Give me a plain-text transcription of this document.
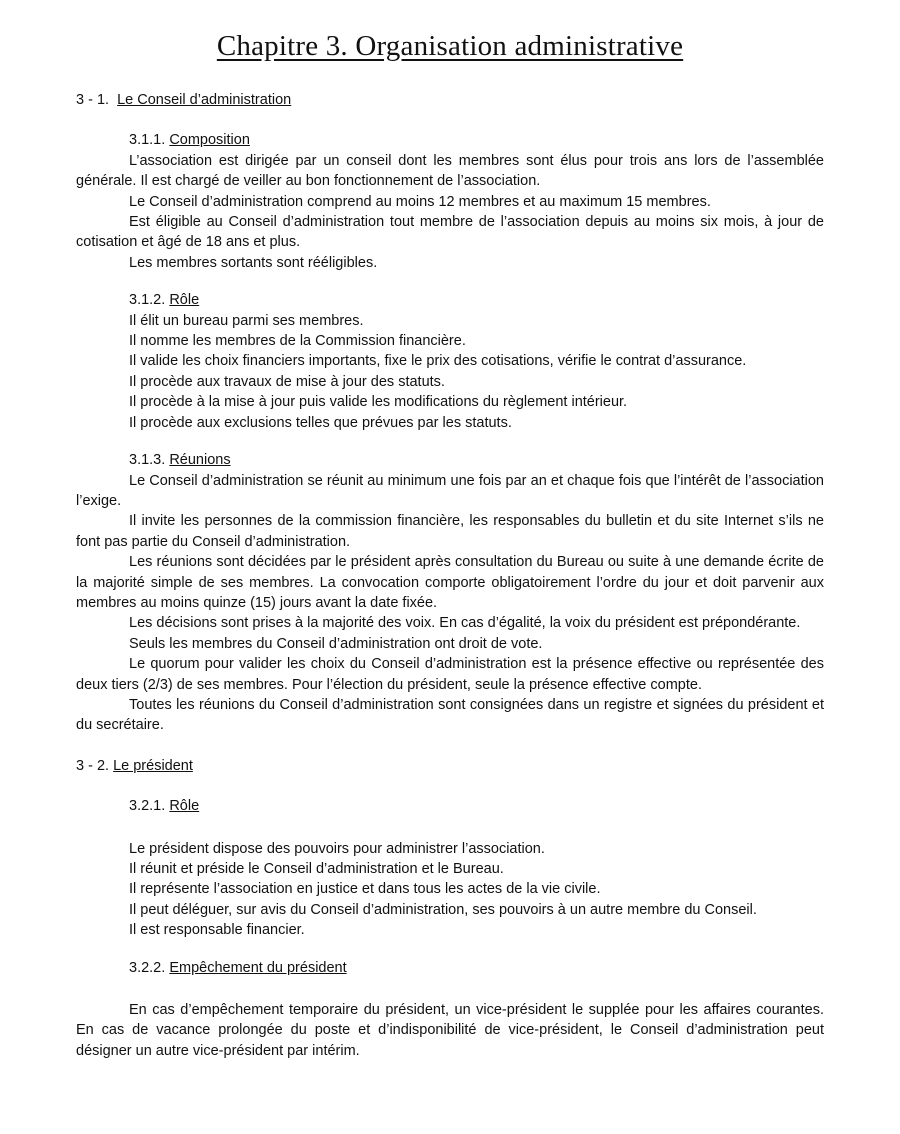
Chapitre 3. Organisation administrative
3 - 1. Le Conseil d’administration
3.1.1. Composition
L’association est dirigée par un conseil dont les membres sont élus pour trois ans lors de l’assemblée générale. Il est chargé de veiller au bon fonctionnement de l’association.
Le Conseil d’administration comprend au moins 12 membres et au maximum 15 membres.
Est éligible au Conseil d’administration tout membre de l’association depuis au moins six mois, à jour de cotisation et âgé de 18 ans et plus.
Les membres sortants sont rééligibles.
3.1.2. Rôle
Il élit un bureau parmi ses membres.
Il nomme les membres de la Commission financière.
Il valide les choix financiers importants, fixe le prix des cotisations, vérifie le contrat d’assurance.
Il procède aux travaux de mise à jour des statuts.
Il procède à la mise à jour puis valide les modifications du règlement intérieur.
Il procède aux exclusions telles que prévues par les statuts.
3.1.3. Réunions
Le Conseil d’administration se réunit au minimum une fois par an et chaque fois que l’intérêt de l’association l’exige.
Il invite les personnes de la commission financière, les responsables du bulletin et du site Internet s’ils ne font pas partie du Conseil d’administration.
Les réunions sont décidées par le président après consultation du Bureau ou suite à une demande écrite de la majorité simple de ses membres. La convocation comporte obligatoirement l’ordre du jour et doit parvenir aux membres au moins quinze (15) jours avant la date fixée.
Les décisions sont prises à la majorité des voix. En cas d’égalité, la voix du président est prépondérante.
Seuls les membres du Conseil d’administration ont droit de vote.
Le quorum pour valider les choix du Conseil d’administration est la présence effective ou représentée des deux tiers (2/3) de ses membres. Pour l’élection du président, seule la présence effective compte.
Toutes les réunions du Conseil d’administration sont consignées dans un registre et signées du président et du secrétaire.
3 - 2. Le président
3.2.1. Rôle
Le président dispose des pouvoirs pour administrer l’association.
Il réunit et préside le Conseil d’administration et le Bureau.
Il représente l’association en justice et dans tous les actes de la vie civile.
Il peut déléguer, sur avis du Conseil d’administration, ses pouvoirs à un autre membre du Conseil.
Il est responsable financier.
3.2.2. Empêchement du président
En cas d’empêchement temporaire du président, un vice-président le supplée pour les affaires courantes. En cas de vacance prolongée du poste et d’indisponibilité de vice-président, le Conseil d’administration peut désigner un autre vice-président par intérim.
